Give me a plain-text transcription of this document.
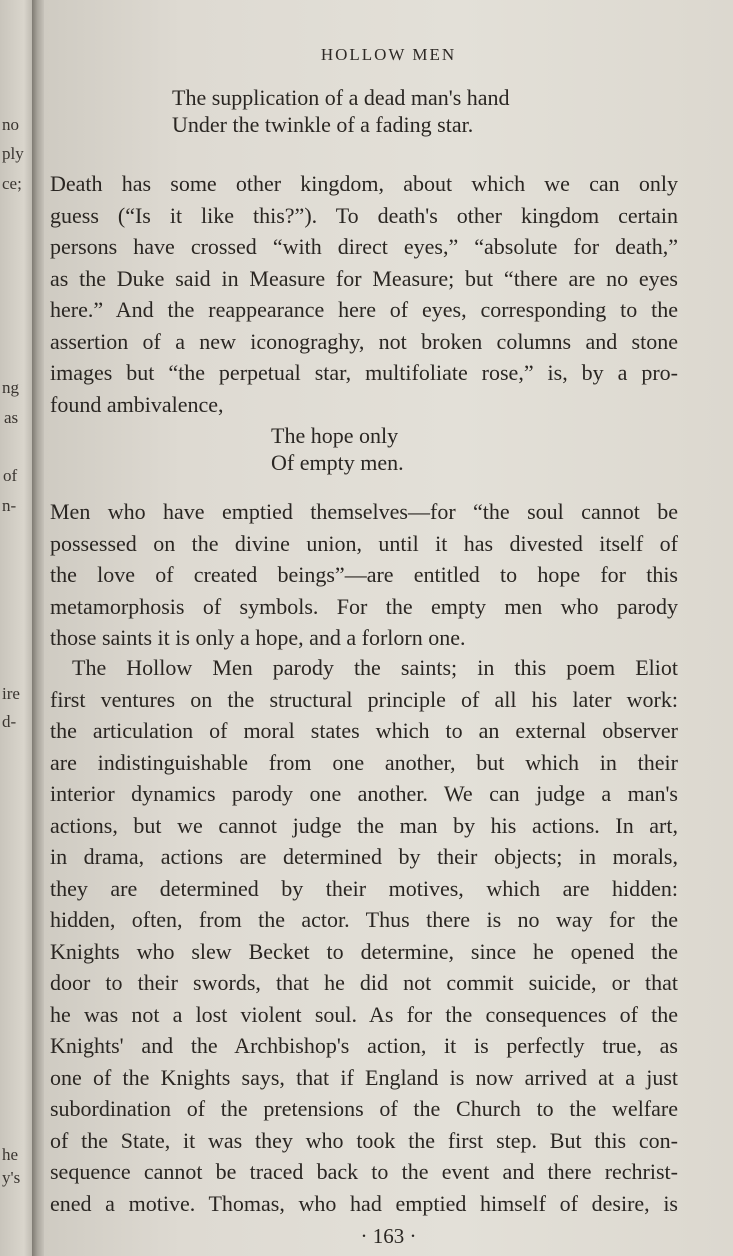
no
ply
ce;
ng
as
of
n-
ire
d-
he
y's
HOLLOW MEN
The supplication of a dead man's hand
Under the twinkle of a fading star.
Death has some other kingdom, about which we can only
guess (“Is it like this?”). To death's other kingdom certain
persons have crossed “with direct eyes,” “absolute for death,”
as the Duke said in Measure for Measure; but “there are no eyes
here.” And the reappearance here of eyes, corresponding to the
assertion of a new iconograghy, not broken columns and stone
images but “the perpetual star, multifoliate rose,” is, by a pro-
found ambivalence,
The hope only
Of empty men.
Men who have emptied themselves—for “the soul cannot be
possessed on the divine union, until it has divested itself of
the love of created beings”—are entitled to hope for this
metamorphosis of symbols. For the empty men who parody
those saints it is only a hope, and a forlorn one.
The Hollow Men parody the saints; in this poem Eliot
first ventures on the structural principle of all his later work:
the articulation of moral states which to an external observer
are indistinguishable from one another, but which in their
interior dynamics parody one another. We can judge a man's
actions, but we cannot judge the man by his actions. In art,
in drama, actions are determined by their objects; in morals,
they are determined by their motives, which are hidden:
hidden, often, from the actor. Thus there is no way for the
Knights who slew Becket to determine, since he opened the
door to their swords, that he did not commit suicide, or that
he was not a lost violent soul. As for the consequences of the
Knights' and the Archbishop's action, it is perfectly true, as
one of the Knights says, that if England is now arrived at a just
subordination of the pretensions of the Church to the welfare
of the State, it was they who took the first step. But this con-
sequence cannot be traced back to the event and there rechrist-
ened a motive. Thomas, who had emptied himself of desire, is
· 163 ·
